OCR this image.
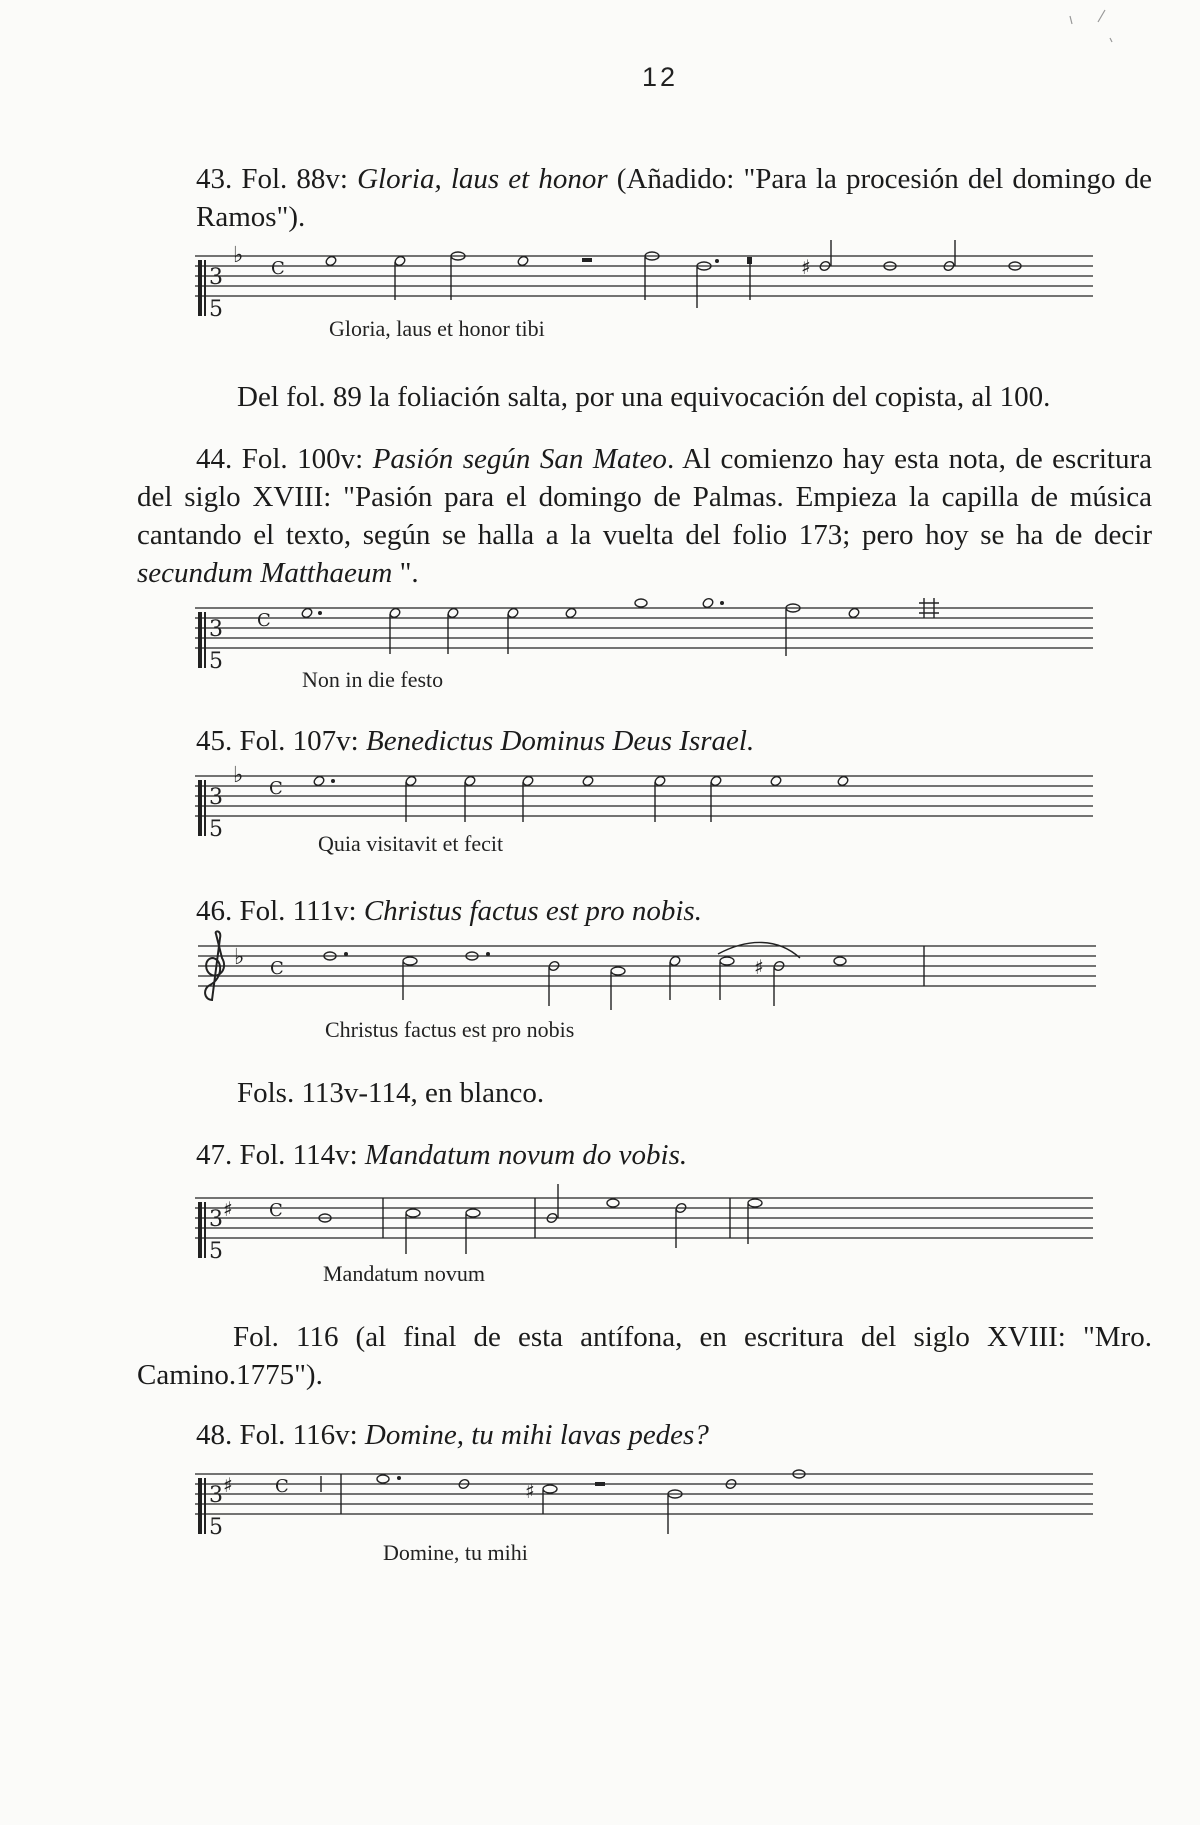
12

43. Fol. 88v: Gloria, laus et honor (Añadido: "Para la procesión del domingo de Ramos").

3
5
♭
C	♯
Gloria, laus et honor tibi

Del fol. 89 la foliación salta, por una equivocación del copista, al 100.

44. Fol. 100v: Pasión según San Mateo. Al comienzo hay esta nota, de escritura del siglo XVIII: "Pasión para el domingo de Palmas. Empieza la capilla de música cantando el texto, según se halla a la vuelta del folio 173; pero hoy se ha de decir secundum Matthaeum ".

3
5
C
Non in die festo

45. Fol. 107v: Benedictus Dominus Deus Israel.

3
5
♭
C
Quia visitavit et fecit

46. Fol. 111v: Christus factus est pro nobis.

♭ C	♯
Christus factus est pro nobis

Fols. 113v-114, en blanco.

47. Fol. 114v: Mandatum novum do vobis.

3
5
♯ C
Mandatum novum

Fol. 116 (al final de esta antífona, en escritura del siglo XVIII: "Mro. Camino.1775").

48. Fol. 116v: Domine, tu mihi lavas pedes?

3
5
♯ C	♯
Domine, tu mihi
